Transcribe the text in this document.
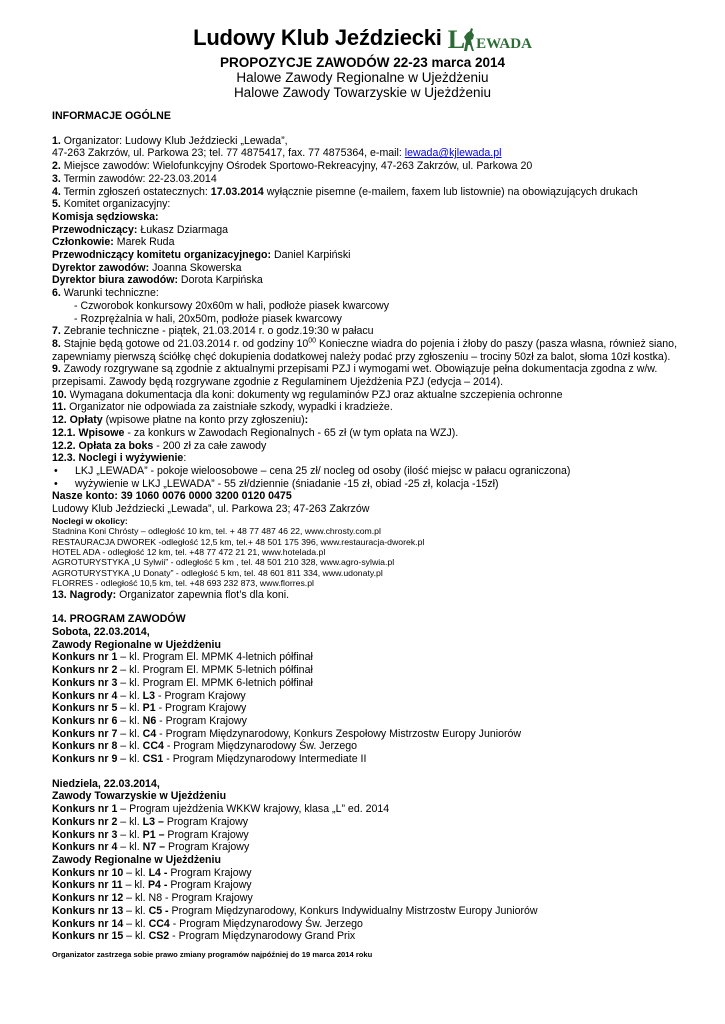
Ludowy Klub Jeździecki L EWADA
PROPOZYCJE ZAWODÓW 22-23 marca 2014
Halowe Zawody Regionalne w Ujeżdżeniu
Halowe Zawody Towarzyskie w Ujeżdżeniu
INFORMACJE OGÓLNE
1. Organizator: Ludowy Klub Jeździecki „Lewada”,
47-263 Zakrzów, ul. Parkowa 23; tel. 77 4875417, fax. 77 4875364, e-mail: lewada@kjlewada.pl
2. Miejsce zawodów: Wielofunkcyjny Ośrodek Sportowo-Rekreacyjny, 47-263 Zakrzów, ul. Parkowa 20
3. Termin zawodów: 22-23.03.2014
4. Termin zgłoszeń ostatecznych: 17.03.2014 wyłącznie pisemne (e-mailem, faxem lub listownie) na obowiązujących drukach
5. Komitet organizacyjny:
Komisja sędziowska:
Przewodniczący: Łukasz Dziarmaga
Członkowie: Marek Ruda
Przewodniczący komitetu organizacyjnego: Daniel Karpiński
Dyrektor zawodów: Joanna Skowerska
Dyrektor biura zawodów: Dorota Karpińska
6. Warunki techniczne:
- Czworobok konkursowy 20x60m w hali, podłoże piasek kwarcowy
- Rozprężalnia w hali, 20x50m, podłoże piasek kwarcowy
7. Zebranie techniczne - piątek, 21.03.2014 r. o godz.19:30 w pałacu
8. Stajnie będą gotowe od 21.03.2014 r. od godziny $10^{00}$ Konieczne wiadra do pojenia i żłoby do paszy (pasza własna, również siano, zapewniamy pierwszą ściółkę chęć dokupienia dodatkowej należy podać przy zgłoszeniu – trociny 50zł za balot, słoma 10zł kostka).
9. Zawody rozgrywane są zgodnie z aktualnymi przepisami PZJ i wymogami wet. Obowiązuje pełna dokumentacja zgodna z w/w. przepisami. Zawody będą rozgrywane zgodnie z Regulaminem Ujeżdżenia PZJ (edycja – 2014).
10. Wymagana dokumentacja dla koni: dokumenty wg regulaminów PZJ oraz aktualne szczepienia ochronne
11. Organizator nie odpowiada za zaistniałe szkody, wypadki i kradzieże.
12. Opłaty (wpisowe płatne na konto przy zgłoszeniu):
12.1. Wpisowe - za konkurs w Zawodach Regionalnych - 65 zł (w tym opłata na WZJ).
12.2. Opłata za boks - 200 zł za całe zawody
12.3. Noclegi i wyżywienie:
• LKJ „LEWADA” - pokoje wieloosobowe – cena 25 zł/ nocleg od osoby (ilość miejsc w pałacu ograniczona)
• wyżywienie w LKJ „LEWADA” - 55 zł/dziennie (śniadanie -15 zł, obiad -25 zł, kolacja -15zł)
Nasze konto: 39 1060 0076 0000 3200 0120 0475
Ludowy Klub Jeździecki „Lewada”, ul. Parkowa 23; 47-263 Zakrzów
Noclegi w okolicy:
Stadnina Koni Chrósty – odległość 10 km, tel. + 48 77 487 46 22, www.chrosty.com.pl
RESTAURACJA DWOREK -odległość 12,5 km, tel.+ 48 501 175 396, www.restauracja-dworek.pl
HOTEL ADA - odległość 12 km, tel. +48 77 472 21 21, www.hotelada.pl
AGROTURYSTYKA „U Sylwii” - odległość 5 km , tel. 48 501 210 328, www.agro-sylwia.pl
AGROTURYSTYKA „U Donaty” - odległość 5 km, tel. 48 601 811 334, www.udonaty.pl
FLORRES - odległość 10,5 km, tel. +48 693 232 873, www.florres.pl
13. Nagrody: Organizator zapewnia flot’s dla koni.
14. PROGRAM ZAWODÓW
Sobota, 22.03.2014,
Zawody Regionalne w Ujeżdżeniu
Konkurs nr 1 – kl. Program El. MPMK 4-letnich półfinał
Konkurs nr 2 – kl. Program El. MPMK 5-letnich półfinał
Konkurs nr 3 – kl. Program El. MPMK 6-letnich półfinał
Konkurs nr 4 – kl. L3 - Program Krajowy
Konkurs nr 5 – kl. P1 - Program Krajowy
Konkurs nr 6 – kl. N6 - Program Krajowy
Konkurs nr 7 – kl. C4 - Program Międzynarodowy, Konkurs Zespołowy Mistrzostw Europy Juniorów
Konkurs nr 8 – kl. CC4 - Program Międzynarodowy Św. Jerzego
Konkurs nr 9 – kl. CS1 - Program Międzynarodowy Intermediate II
Niedziela, 22.03.2014,
Zawody Towarzyskie w Ujeżdżeniu
Konkurs nr 1 – Program ujeżdżenia WKKW krajowy, klasa „L” ed. 2014
Konkurs nr 2 – kl. L3 – Program Krajowy
Konkurs nr 3 – kl. P1 – Program Krajowy
Konkurs nr 4 – kl. N7 – Program Krajowy
Zawody Regionalne w Ujeżdżeniu
Konkurs nr 10 – kl. L4 - Program Krajowy
Konkurs nr 11 – kl. P4 - Program Krajowy
Konkurs nr 12 – kl. N8 - Program Krajowy
Konkurs nr 13 – kl. C5 - Program Międzynarodowy, Konkurs Indywidualny Mistrzostw Europy Juniorów
Konkurs nr 14 – kl. CC4 - Program Międzynarodowy Św. Jerzego
Konkurs nr 15 – kl. CS2 - Program Międzynarodowy Grand Prix
Organizator zastrzega sobie prawo zmiany programów najpóźniej do 19 marca 2014 roku
